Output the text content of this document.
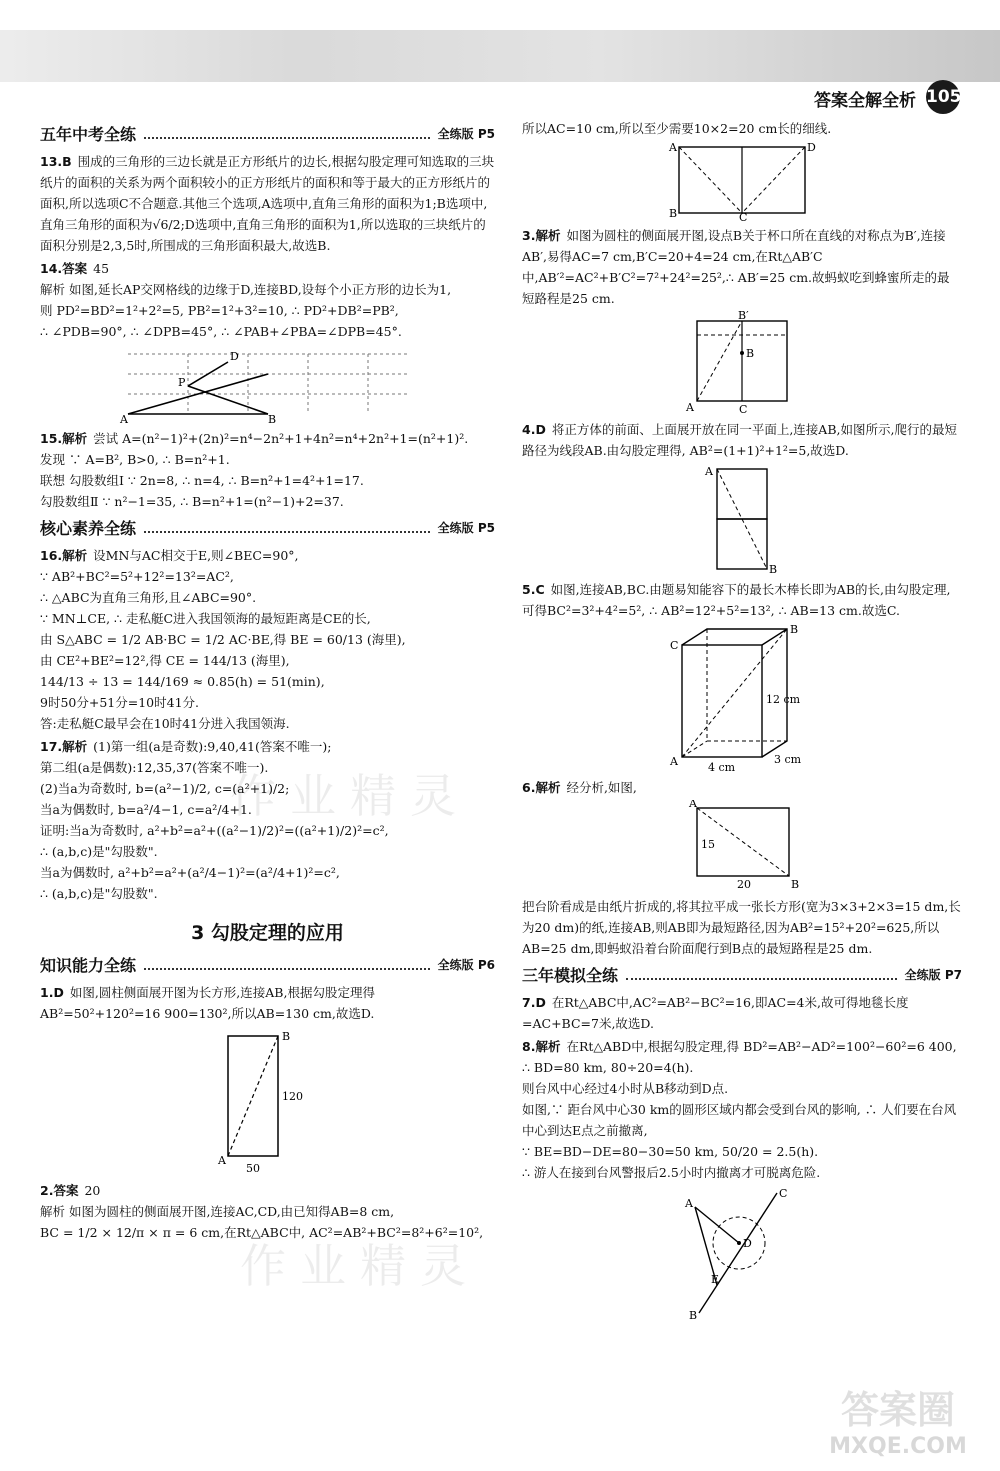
答案全解全析 105
五年中考全练	全练版 P5
13.B 围成的三角形的三边长就是正方形纸片的边长,根据勾股定理可知选取的三块纸片的面积的关系为两个面积较小的正方形纸片的面积和等于最大的正方形纸片的面积,所以选项C不合题意.其他三个选项,A选项中,直角三角形的面积为1;B选项中,直角三角形的面积为√6/2;D选项中,直角三角形的面积为1,所以选取的三块纸片的面积分别是2,3,5时,所围成的三角形面积最大,故选B.
14.答案 45
解析 如图,延长AP交网格线的边缘于D,连接BD,设每个小正方形的边长为1,
则 PD²=BD²=1²+2²=5, PB²=1²+3²=10, ∴ PD²+DB²=PB²,
∴ ∠PDB=90°, ∴ ∠DPB=45°, ∴ ∠PAB+∠PBA=∠DPB=45°.
A	B
D
P
15.解析 尝试 A=(n²−1)²+(2n)²=n⁴−2n²+1+4n²=n⁴+2n²+1=(n²+1)².
发现 ∵ A=B², B>0, ∴ B=n²+1.
联想 勾股数组Ⅰ ∵ 2n=8, ∴ n=4, ∴ B=n²+1=4²+1=17.
勾股数组Ⅱ ∵ n²−1=35, ∴ B=n²+1=(n²−1)+2=37.
核心素养全练	全练版 P5
16.解析 设MN与AC相交于E,则∠BEC=90°,
∵ AB²+BC²=5²+12²=13²=AC²,
∴ △ABC为直角三角形,且∠ABC=90°.
∵ MN⊥CE, ∴ 走私艇C进入我国领海的最短距离是CE的长,
由 S△ABC = 1/2 AB·BC = 1/2 AC·BE,得 BE = 60/13 (海里),
由 CE²+BE²=12²,得 CE = 144/13 (海里),
144/13 ÷ 13 = 144/169 ≈ 0.85(h) = 51(min),
9时50分+51分=10时41分.
答:走私艇C最早会在10时41分进入我国领海.
17.解析 (1)第一组(a是奇数):9,40,41(答案不唯一);
第二组(a是偶数):12,35,37(答案不唯一).
(2)当a为奇数时, b=(a²−1)/2, c=(a²+1)/2;
当a为偶数时, b=a²/4−1, c=a²/4+1.
证明:当a为奇数时, a²+b²=a²+((a²−1)/2)²=((a²+1)/2)²=c²,
∴ (a,b,c)是"勾股数".
当a为偶数时, a²+b²=a²+(a²/4−1)²=(a²/4+1)²=c²,
∴ (a,b,c)是"勾股数".
3 勾股定理的应用
知识能力全练	全练版 P6
1.D 如图,圆柱侧面展开图为长方形,连接AB,根据勾股定理得AB²=50²+120²=16 900=130²,所以AB=130 cm,故选D.
B
A
120
50
2.答案 20
解析 如图为圆柱的侧面展开图,连接AC,CD,由已知得AB=8 cm,
BC = 1/2 × 12/π × π = 6 cm,在Rt△ABC中, AC²=AB²+BC²=8²+6²=10²,
所以AC=10 cm,所以至少需要10×2=20 cm长的细线.
A	D
B	C
3.解析 如图为圆柱的侧面展开图,设点B关于杯口所在直线的对称点为B′,连接AB′,易得AC=7 cm,B′C=20+4=24 cm,在Rt△AB′C中,AB′²=AC²+B′C²=7²+24²=25²,∴ AB′=25 cm.故蚂蚁吃到蜂蜜所走的最短路程是25 cm.
B′
B
A	C
4.D 将正方体的前面、上面展开放在同一平面上,连接AB,如图所示,爬行的最短路径为线段AB.由勾股定理得, AB²=(1+1)²+1²=5,故选D.
A
B
5.C 如图,连接AB,BC.由题易知能容下的最长木棒长即为AB的长,由勾股定理,可得BC²=3²+4²=5², ∴ AB²=12²+5²=13², ∴ AB=13 cm.故选C.
C
B
A
12 cm
4 cm
3 cm
6.解析 经分析,如图,
A
B
15
20
把台阶看成是由纸片折成的,将其拉平成一张长方形(宽为3×3+2×3=15 dm,长为20 dm)的纸,连接AB,则AB即为最短路径,因为AB²=15²+20²=625,所以AB=25 dm,即蚂蚁沿着台阶面爬行到B点的最短路程是25 dm.
三年模拟全练	全练版 P7
7.D 在Rt△ABC中,AC²=AB²−BC²=16,即AC=4米,故可得地毯长度=AC+BC=7米,故选D.
8.解析 在Rt△ABD中,根据勾股定理,得 BD²=AB²−AD²=100²−60²=6 400, ∴ BD=80 km, 80÷20=4(h).
则台风中心经过4小时从B移动到D点.
如图,∵ 距台风中心30 km的圆形区域内都会受到台风的影响, ∴ 人们要在台风中心到达E点之前撤离,
∵ BE=BD−DE=80−30=50 km, 50/20 = 2.5(h).
∴ 游人在接到台风警报后2.5小时内撤离才可脱离危险.
A
B
C
D
E
作业精灵
作业精灵
答案圈
MXQE.COM
